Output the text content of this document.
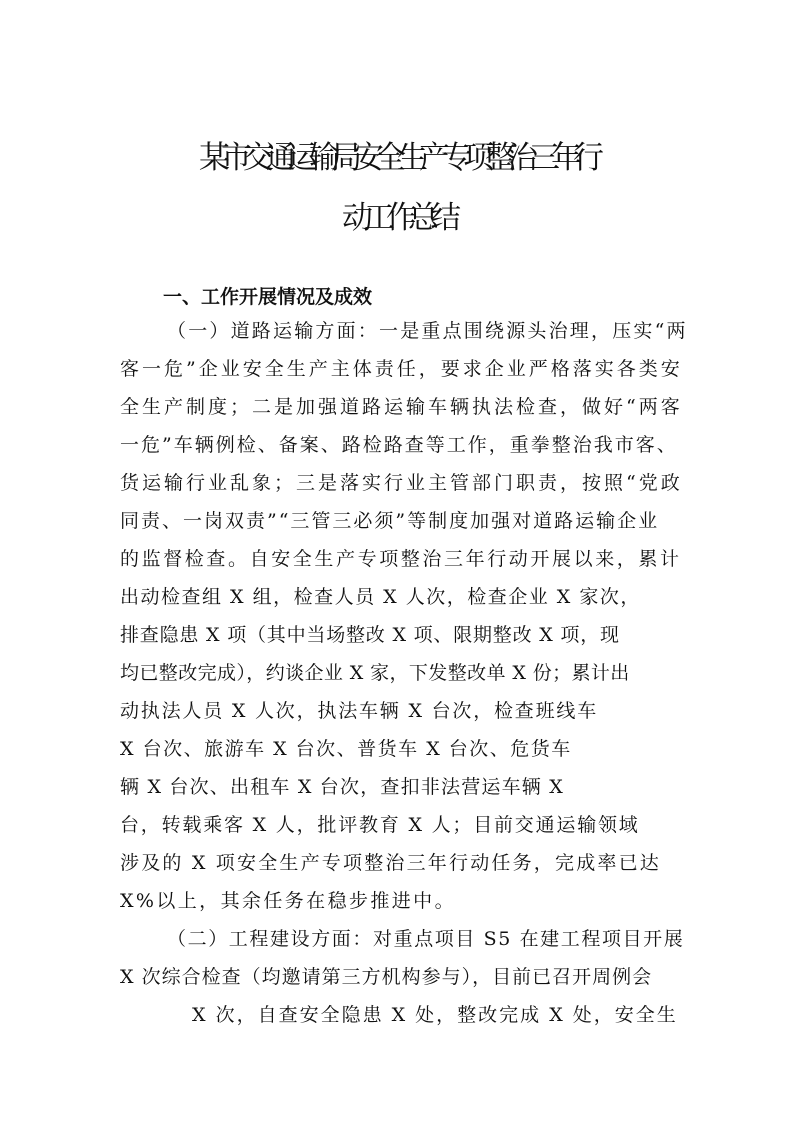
某市交通运输局安全生产专项整治三年行
动工作总结
一、工作开展情况及成效
（一）道路运输方面：一是重点围绕源头治理，压实“两
客一危”企业安全生产主体责任，要求企业严格落实各类安
全生产制度；二是加强道路运输车辆执法检查，做好“两客
一危”车辆例检、备案、路检路查等工作，重拳整治我市客、
货运输行业乱象；三是落实行业主管部门职责，按照“党政
同责、一岗双责”“三管三必须”等制度加强对道路运输企业
的监督检查。自安全生产专项整治三年行动开展以来，累计
出动检查组 X 组，检查人员 X 人次，检查企业 X 家次，
排查隐患 X 项（其中当场整改 X 项、限期整改 X 项，现
均已整改完成），约谈企业 X 家，下发整改单 X 份；累计出
动执法人员 X 人次，执法车辆 X 台次，检查班线车
X 台次、旅游车 X 台次、普货车 X 台次、危货车
辆 X 台次、出租车 X 台次，查扣非法营运车辆 X
台，转载乘客 X 人，批评教育 X 人；目前交通运输领域
涉及的 X 项安全生产专项整治三年行动任务，完成率已达
X%以上，其余任务在稳步推进中。
（二）工程建设方面：对重点项目 S5 在建工程项目开展
X 次综合检查（均邀请第三方机构参与），目前已召开周例会
X 次，自查安全隐患 X 处，整改完成 X 处，安全生
